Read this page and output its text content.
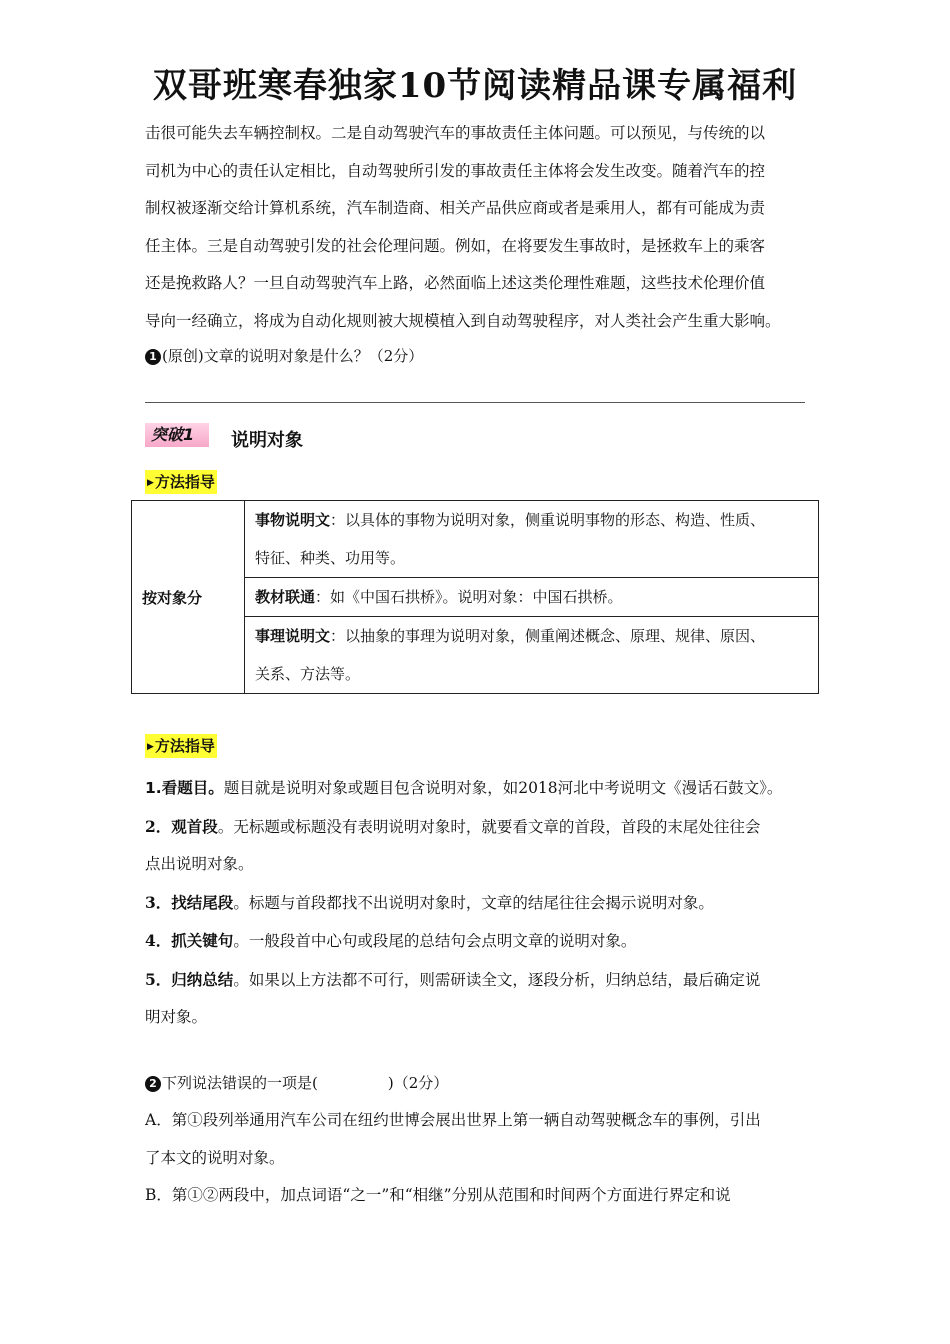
双哥班寒春独家10节阅读精品课专属福利
击很可能失去车辆控制权。二是自动驾驶汽车的事故责任主体问题。可以预见，与传统的以
司机为中心的责任认定相比，自动驾驶所引发的事故责任主体将会发生改变。随着汽车的控
制权被逐渐交给计算机系统，汽车制造商、相关产品供应商或者是乘用人，都有可能成为责
任主体。三是自动驾驶引发的社会伦理问题。例如，在将要发生事故时，是拯救车上的乘客
还是挽救路人？一旦自动驾驶汽车上路，必然面临上述这类伦理性难题，这些技术伦理价值
导向一经确立，将成为自动化规则被大规模植入到自动驾驶程序，对人类社会产生重大影响。
1 (原创)文章的说明对象是什么？（2分）
突破1	说明对象
▶方法指导
按对象分	事物说明文：以具体的事物为说明对象，侧重说明事物的形态、构造、性质、
特征、种类、功用等。
教材联通：如《中国石拱桥》。说明对象：中国石拱桥。
事理说明文：以抽象的事理为说明对象，侧重阐述概念、原理、规律、原因、
关系、方法等。
▶方法指导
1.看题目。题目就是说明对象或题目包含说明对象，如2018河北中考说明文《漫话石鼓文》。
2．观首段。无标题或标题没有表明说明对象时，就要看文章的首段，首段的末尾处往往会
点出说明对象。
3．找结尾段。标题与首段都找不出说明对象时，文章的结尾往往会揭示说明对象。
4．抓关键句。一般段首中心句或段尾的总结句会点明文章的说明对象。
5．归纳总结。如果以上方法都不可行，则需研读全文，逐段分析，归纳总结，最后确定说
明对象。
2 下列说法错误的一项是(	)（2分）
A．第①段列举通用汽车公司在纽约世博会展出世界上第一辆自动驾驶概念车的事例，引出
了本文的说明对象。
B．第①②两段中，加点词语“之一”和“相继”分别从范围和时间两个方面进行界定和说
